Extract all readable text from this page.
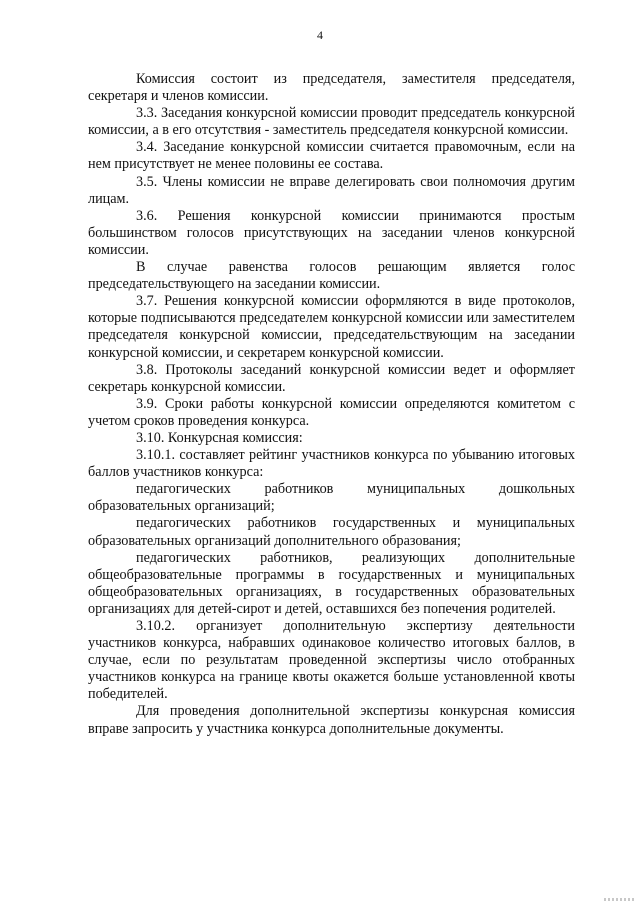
4

Комиссия состоит из председателя, заместителя председателя, секретаря и членов комиссии.

3.3. Заседания конкурсной комиссии проводит председатель конкурсной комиссии, а в его отсутствия - заместитель председателя конкурсной комиссии.

3.4. Заседание конкурсной комиссии считается правомочным, если на нем присутствует не менее половины ее состава.

3.5. Члены комиссии не вправе делегировать свои полномочия другим лицам.

3.6. Решения конкурсной комиссии принимаются простым большинством голосов присутствующих на заседании членов конкурсной комиссии.

В случае равенства голосов решающим является голос председательствующего на заседании комиссии.

3.7. Решения конкурсной комиссии оформляются в виде протоколов, которые подписываются председателем конкурсной комиссии или заместителем председателя конкурсной комиссии, председательствующим на заседании конкурсной комиссии, и секретарем конкурсной комиссии.

3.8. Протоколы заседаний конкурсной комиссии ведет и оформляет секретарь конкурсной комиссии.

3.9. Сроки работы конкурсной комиссии определяются комитетом с учетом сроков проведения конкурса.

3.10. Конкурсная комиссия:

3.10.1. составляет рейтинг участников конкурса по убыванию итоговых баллов участников конкурса:

педагогических работников муниципальных дошкольных образовательных организаций;

педагогических работников государственных и муниципальных образовательных организаций дополнительного образования;

педагогических работников, реализующих дополнительные общеобразовательные программы в государственных и муниципальных общеобразовательных организациях, в государственных образовательных организациях для детей-сирот и детей, оставшихся без попечения родителей.

3.10.2. организует дополнительную экспертизу деятельности участников конкурса, набравших одинаковое количество итоговых баллов, в случае, если по результатам проведенной экспертизы число отобранных участников конкурса на границе квоты окажется больше установленной квоты победителей.

Для проведения дополнительной экспертизы конкурсная комиссия вправе запросить у участника конкурса дополнительные документы.
